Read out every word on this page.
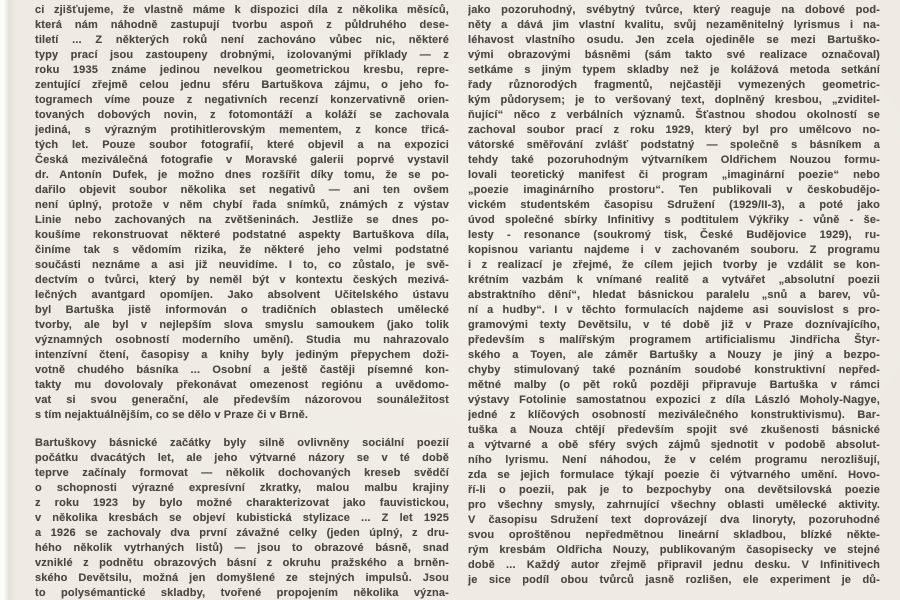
ci zjišťujeme, že vlastně máme k dispozici díla z několika měsíců,
která nám náhodně zastupují tvorbu aspoň z půldruhého dese-
tiletí ... Z některých roků není zachováno vůbec nic, některé
typy prací jsou zastoupeny drobnými, izolovanými příklady — z
roku 1935 známe jedinou nevelkou geometrickou kresbu, repre-
zentující zřejmě celou jednu sféru Bartuškova zájmu, o jeho fo-
togramech víme pouze z negativních recenzí konzervativně orien-
tovaných dobových novin, z fotomontáží a koláží se zachovala
jediná, s výrazným protihitlerovským mementem, z konce třicá-
tých let. Pouze soubor fotografií, které objevil a na expozici
Česká meziválečná fotografie v Moravské galerii poprvé vystavil
dr. Antonín Dufek, je možno dnes rozšířit díky tomu, že se po-
dařilo objevit soubor několika set negativů — ani ten ovšem
není úplný, protože v něm chybí řada snímků, známých z výstav
Linie nebo zachovaných na zvětšeninách. Jestliže se dnes po-
koušíme rekonstruovat některé podstatné aspekty Bartuškova díla,
činíme tak s vědomím rizika, že některé jeho velmi podstatné
součásti neznáme a asi již neuvidíme. I to, co zůstalo, je svě-
dectvím o tvůrci, který by neměl být v kontextu českých mezivá-
lečných avantgard opomíjen. Jako absolvent Učitelského ústavu
byl Bartuška jistě informován o tradičních oblastech umělecké
tvorby, ale byl v nejlepším slova smyslu samoukem (jako tolik
významných osobností moderního umění). Studia mu nahrazovalo
intenzívní čtení, časopisy a knihy byly jediným přepychem doži-
votně chudého básníka ... Osobní a ještě častěji písemné kon-
takty mu dovolovaly překonávat omezenost regiónu a uvědomo-
vat si svou generační, ale především názorovou sounáležitost
s tím nejaktuálnějším, co se dělo v Praze či v Brně.
Bartuškovy básnické začátky byly silně ovlivněny sociální poezií
počátku dvacátých let, ale jeho výtvarné názory se v té době
teprve začínaly formovat — několik dochovaných kreseb svědčí
o schopnosti výrazné expresívní zkratky, malou malbu krajiny
z roku 1923 by bylo možné charakterizovat jako fauvistickou,
v několika kresbách se objeví kubistická stylizace ... Z let 1925
a 1926 se zachovaly dva první závažné celky (jeden úplný, z dru-
hého několik vytrhaných listů) — jsou to obrazové básně, snad
vzniklé z podnětu obrazových básní z okruhu pražského a brněn-
ského Devětsilu, možná jen domyšlené ze stejných impulsů. Jsou
to polysémantické skladby, tvořené propojením několika význa-
jako pozoruhodný, svébytný tvůrce, který reaguje na dobové pod-
něty a dává jim vlastní kvalitu, svůj nezaměnitelný lyrismus i na-
léhavost vlastního osudu. Jen zcela ojediněle se mezi Bartuško-
vými obrazovými básněmi (sám takto své realizace označoval)
setkáme s jiným typem skladby než je kolážová metoda setkání
řady různorodých fragmentů, nejčastěji vymezených geometric-
kým půdorysem; je to veršovaný text, doplněný kresbou, „zviditel-
ňující“ něco z verbálních významů. Šťastnou shodou okolností se
zachoval soubor prací z roku 1929, který byl pro umělcovo no-
vátorské směřování zvlášť podstatný — společně s básníkem a
tehdy také pozoruhodným výtvarníkem Oldřichem Nouzou formu-
lovali teoretický manifest či program „imaginární poezie“ nebo
„poezie imaginárního prostoru“. Ten publikovali v českobudějo-
vickém studentském časopisu Sdružení (1929/II-3), a poté jako
úvod společné sbírky Infinitivy s podtitulem Výkřiky - vůně - še-
lesty - resonance (soukromý tisk, České Budějovice 1929), ru-
kopisnou variantu najdeme i v zachovaném souboru. Z programu
i z realizací je zřejmé, že cílem jejich tvorby je vzdálit se kon-
krétním vazbám k vnímané realitě a vytvářet „absolutní poezii
abstraktního dění“, hledat básnickou paralelu „snů a barev, vů-
ní a hudby“. I v těchto formulacích najdeme asi souvislost s pro-
gramovými texty Devětsilu, v té době již v Praze doznívajícího,
především s malířským programem artificialismu Jindřicha Štyr-
ského a Toyen, ale záměr Bartušky a Nouzy je jiný a bezpo-
chyby stimulovaný také poznáním soudobé konstruktivní nepřed-
mětné malby (o pět roků později připravuje Bartuška v rámci
výstavy Fotolinie samostatnou expozici z díla László Moholy-Nagye,
jedné z klíčových osobností meziválečného konstruktivismu). Bar-
tuška a Nouza chtějí především spojit své zkušenosti básnické
a výtvarné a obě sféry svých zájmů sjednotit v podobě absolut-
ního lyrismu. Není náhodou, že v celém programu nerozlišují,
zda se jejich formulace týkají poezie či výtvarného umění. Hovo-
ří-li o poezii, pak je to bezpochyby ona devětsilovská poezie
pro všechny smysly, zahrnující všechny oblasti umělecké aktivity.
V časopisu Sdružení text doprovázejí dva linoryty, pozoruhodné
svou oproštěnou nepředmětnou lineární skladbou, blízké někte-
rým kresbám Oldřicha Nouzy, publikovaným časopisecky ve stejné
době ... Každý autor zřejmě připravil jednu desku. V Infinitivech
je sice podíl obou tvůrců jasně rozlišen, ele experiment je dů-
